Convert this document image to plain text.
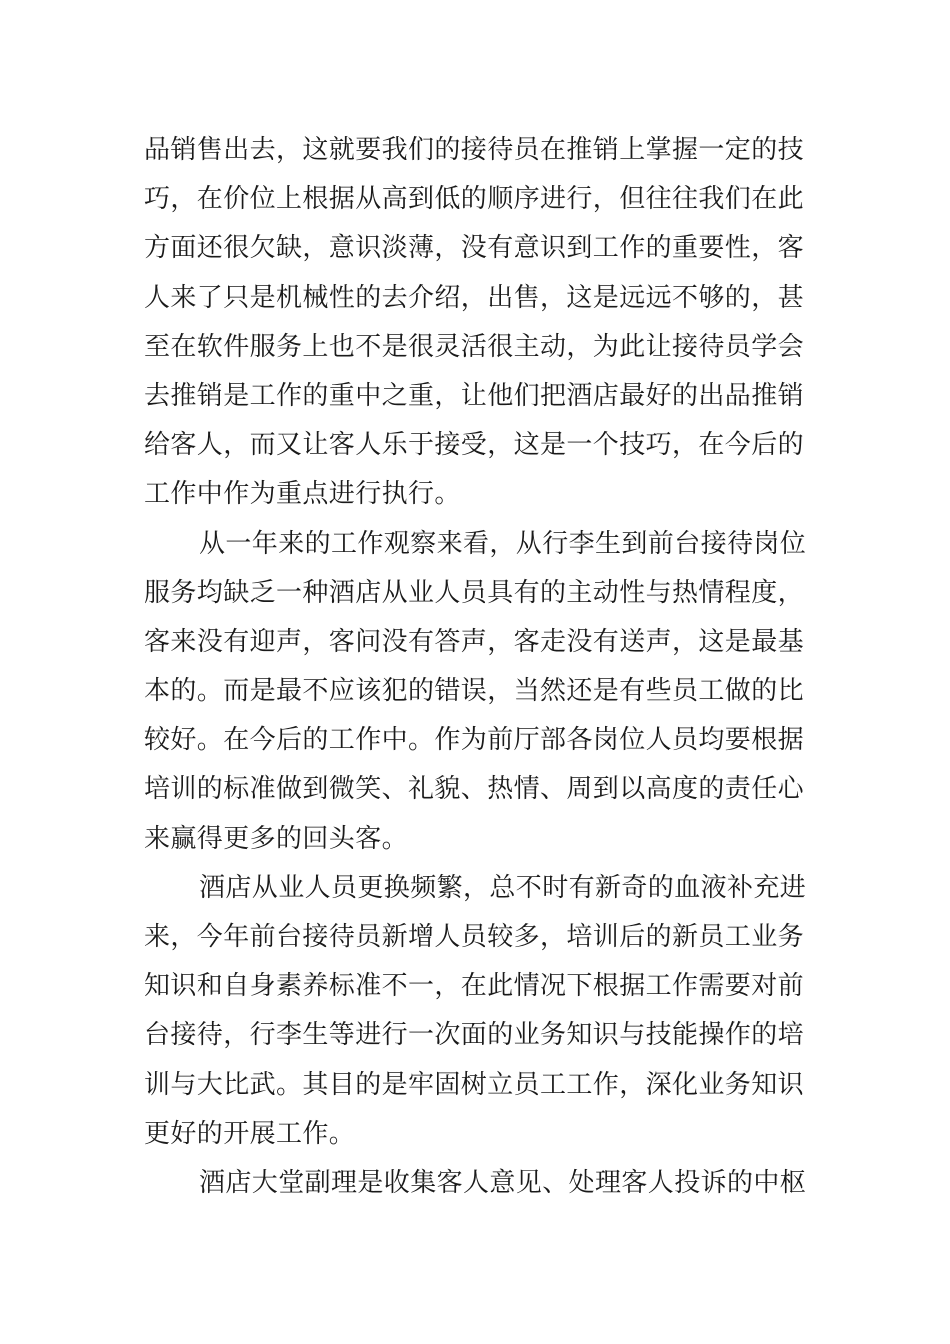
品销售出去，这就要我们的接待员在推销上掌握一定的技
巧，在价位上根据从高到低的顺序进行，但往往我们在此
方面还很欠缺，意识淡薄，没有意识到工作的重要性，客
人来了只是机械性的去介绍，出售，这是远远不够的，甚
至在软件服务上也不是很灵活很主动，为此让接待员学会
去推销是工作的重中之重，让他们把酒店最好的出品推销
给客人，而又让客人乐于接受，这是一个技巧，在今后的
工作中作为重点进行执行。
从一年来的工作观察来看，从行李生到前台接待岗位
服务均缺乏一种酒店从业人员具有的主动性与热情程度，
客来没有迎声，客问没有答声，客走没有送声，这是最基
本的。而是最不应该犯的错误，当然还是有些员工做的比
较好。在今后的工作中。作为前厅部各岗位人员均要根据
培训的标准做到微笑、礼貌、热情、周到以高度的责任心
来赢得更多的回头客。
酒店从业人员更换频繁，总不时有新奇的血液补充进
来，今年前台接待员新增人员较多，培训后的新员工业务
知识和自身素养标准不一，在此情况下根据工作需要对前
台接待，行李生等进行一次面的业务知识与技能操作的培
训与大比武。其目的是牢固树立员工工作，深化业务知识
更好的开展工作。
酒店大堂副理是收集客人意见、处理客人投诉的中枢
